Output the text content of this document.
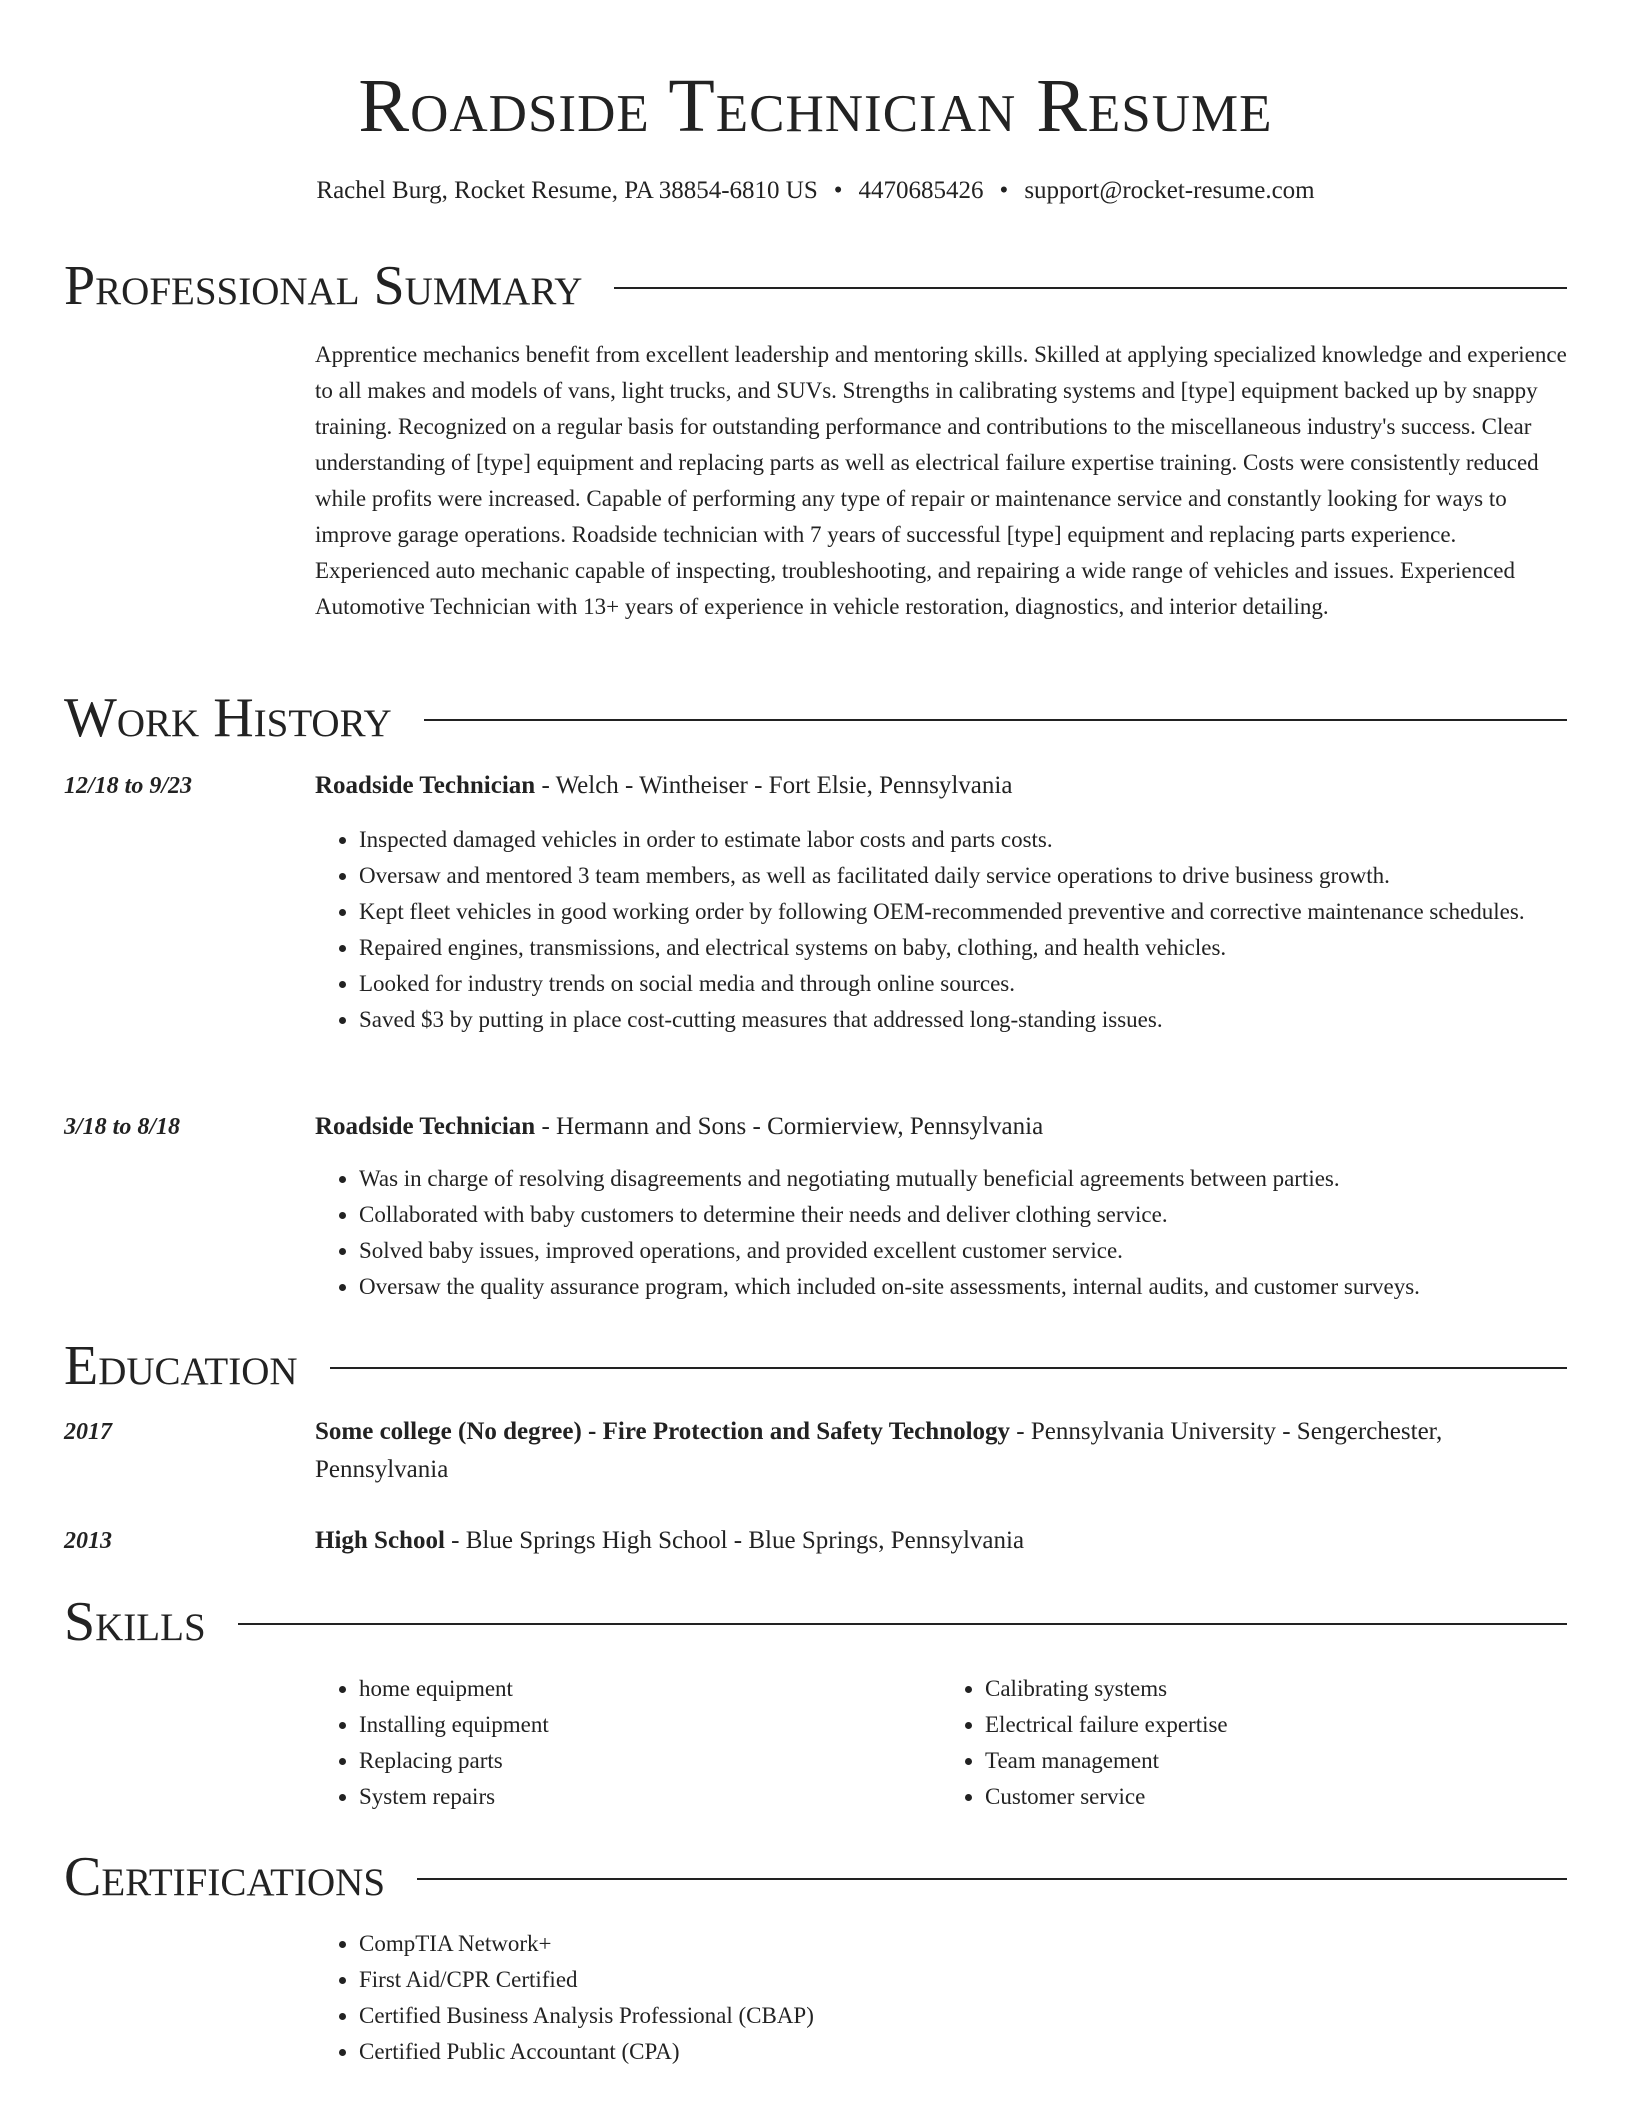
Roadside Technician Resume
Rachel Burg, Rocket Resume, PA 38854-6810 US • 4470685426 • support@rocket-resume.com
Professional Summary

Apprentice mechanics benefit from excellent leadership and mentoring skills. Skilled at applying specialized knowledge and experience to all makes and models of vans, light trucks, and SUVs. Strengths in calibrating systems and [type] equipment backed up by snappy training. Recognized on a regular basis for outstanding performance and contributions to the miscellaneous industry's success. Clear understanding of [type] equipment and replacing parts as well as electrical failure expertise training. Costs were consistently reduced while profits were increased. Capable of performing any type of repair or maintenance service and constantly looking for ways to improve garage operations. Roadside technician with 7 years of successful [type] equipment and replacing parts experience. Experienced auto mechanic capable of inspecting, troubleshooting, and repairing a wide range of vehicles and issues. Experienced Automotive Technician with 13+ years of experience in vehicle restoration, diagnostics, and interior detailing.

Work History
12/18 to 9/23	Roadside Technician - Welch - Wintheiser - Fort Elsie, Pennsylvania

• Inspected damaged vehicles in order to estimate labor costs and parts costs.
• Oversaw and mentored 3 team members, as well as facilitated daily service operations to drive business growth.
• Kept fleet vehicles in good working order by following OEM-recommended preventive and corrective maintenance schedules.
• Repaired engines, transmissions, and electrical systems on baby, clothing, and health vehicles.
• Looked for industry trends on social media and through online sources.
• Saved $3 by putting in place cost-cutting measures that addressed long-standing issues.
3/18 to 8/18	Roadside Technician - Hermann and Sons - Cormierview, Pennsylvania

• Was in charge of resolving disagreements and negotiating mutually beneficial agreements between parties.
• Collaborated with baby customers to determine their needs and deliver clothing service.
• Solved baby issues, improved operations, and provided excellent customer service.
• Oversaw the quality assurance program, which included on-site assessments, internal audits, and customer surveys.
Education
2017	Some college (No degree) - Fire Protection and Safety Technology - Pennsylvania University - Sengerchester, Pennsylvania

2013	High School - Blue Springs High School - Blue Springs, Pennsylvania

Skills
• home equipment
• Installing equipment
• Replacing parts
• System repairs
• Calibrating systems
• Electrical failure expertise
• Team management
• Customer service
Certifications
• CompTIA Network+
• First Aid/CPR Certified
• Certified Business Analysis Professional (CBAP)
• Certified Public Accountant (CPA)
